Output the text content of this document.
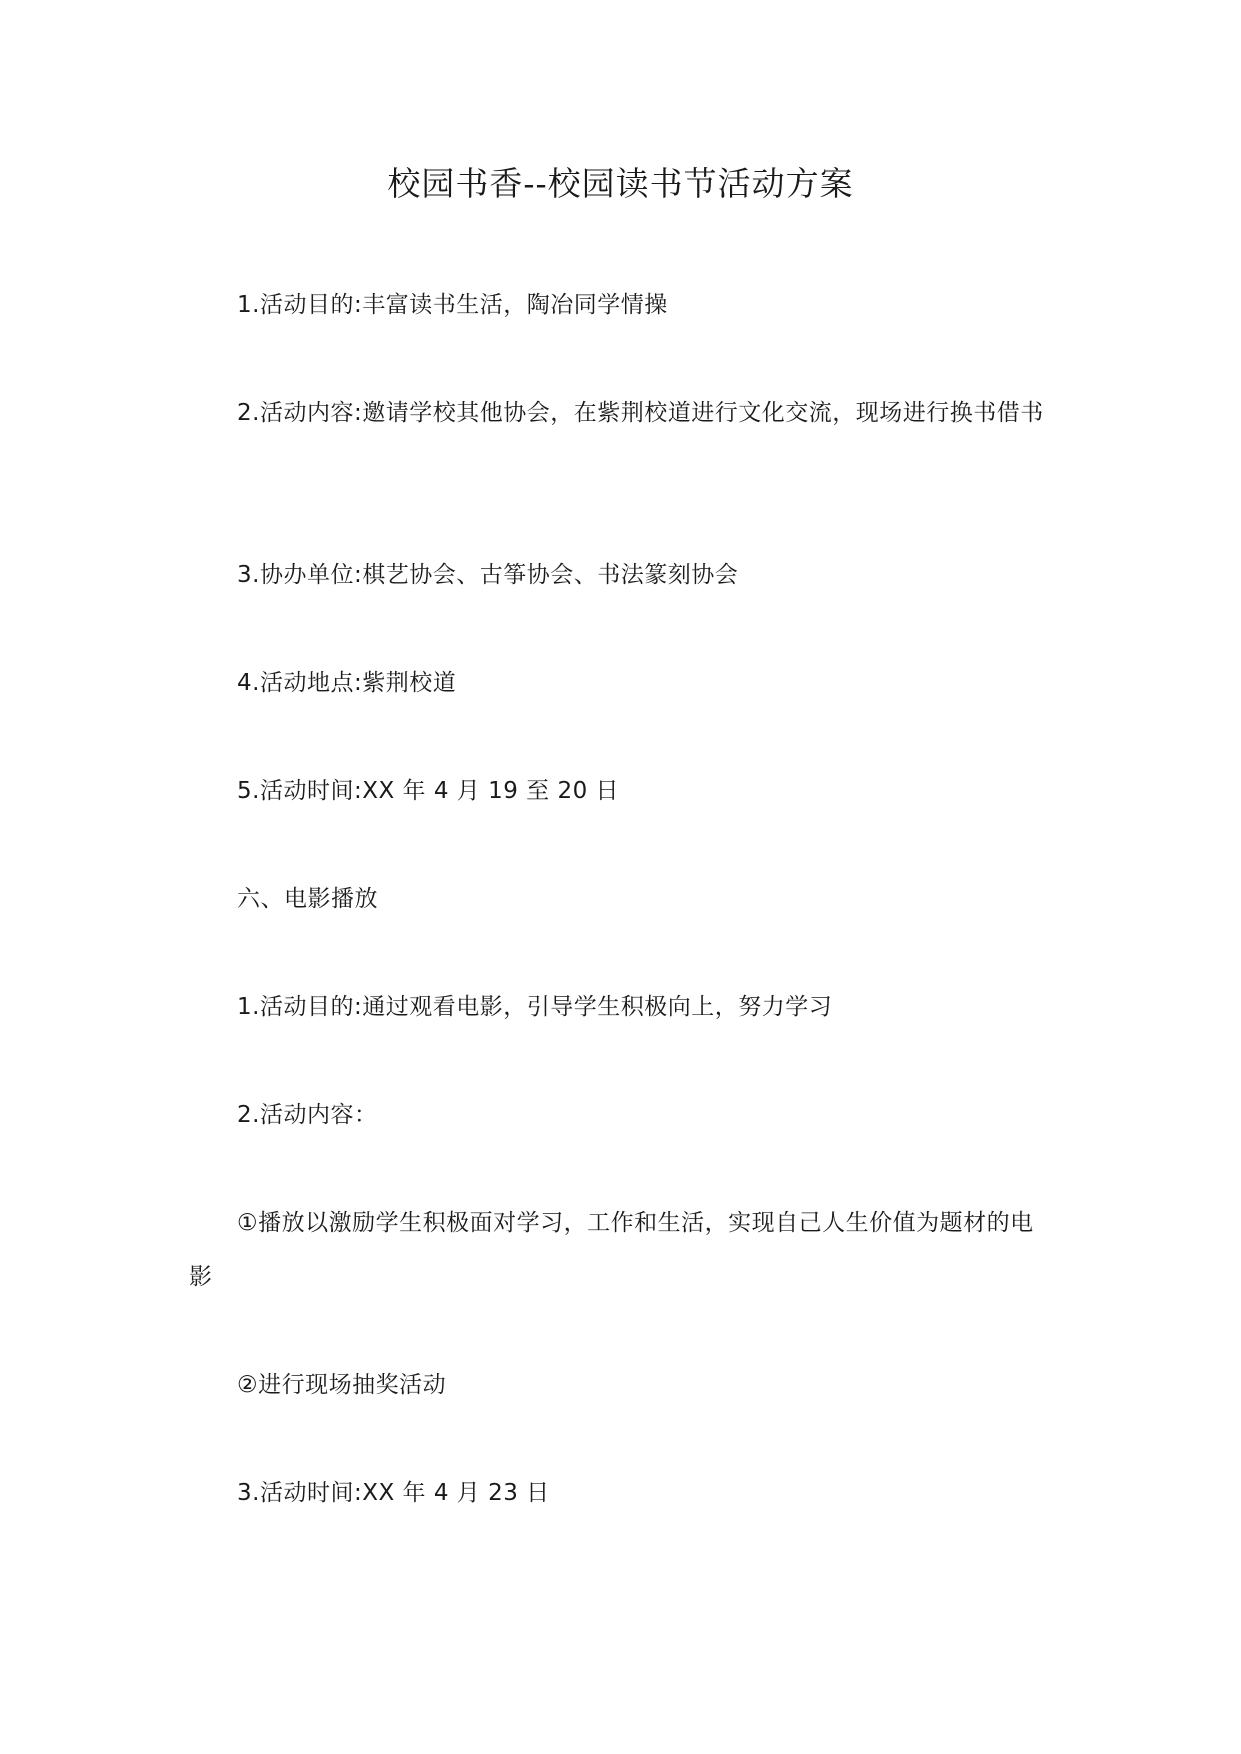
校园书香--校园读书节活动方案
1.活动目的:丰富读书生活，陶冶同学情操
2.活动内容:邀请学校其他协会，在紫荆校道进行文化交流，现场进行换书借书
3.协办单位:棋艺协会、古筝协会、书法篆刻协会
4.活动地点:紫荆校道
5.活动时间:XX 年 4 月 19 至 20 日
六、电影播放
1.活动目的:通过观看电影，引导学生积极向上，努力学习
2.活动内容：
①播放以激励学生积极面对学习，工作和生活，实现自己人生价值为题材的电影
②进行现场抽奖活动
3.活动时间:XX 年 4 月 23 日
